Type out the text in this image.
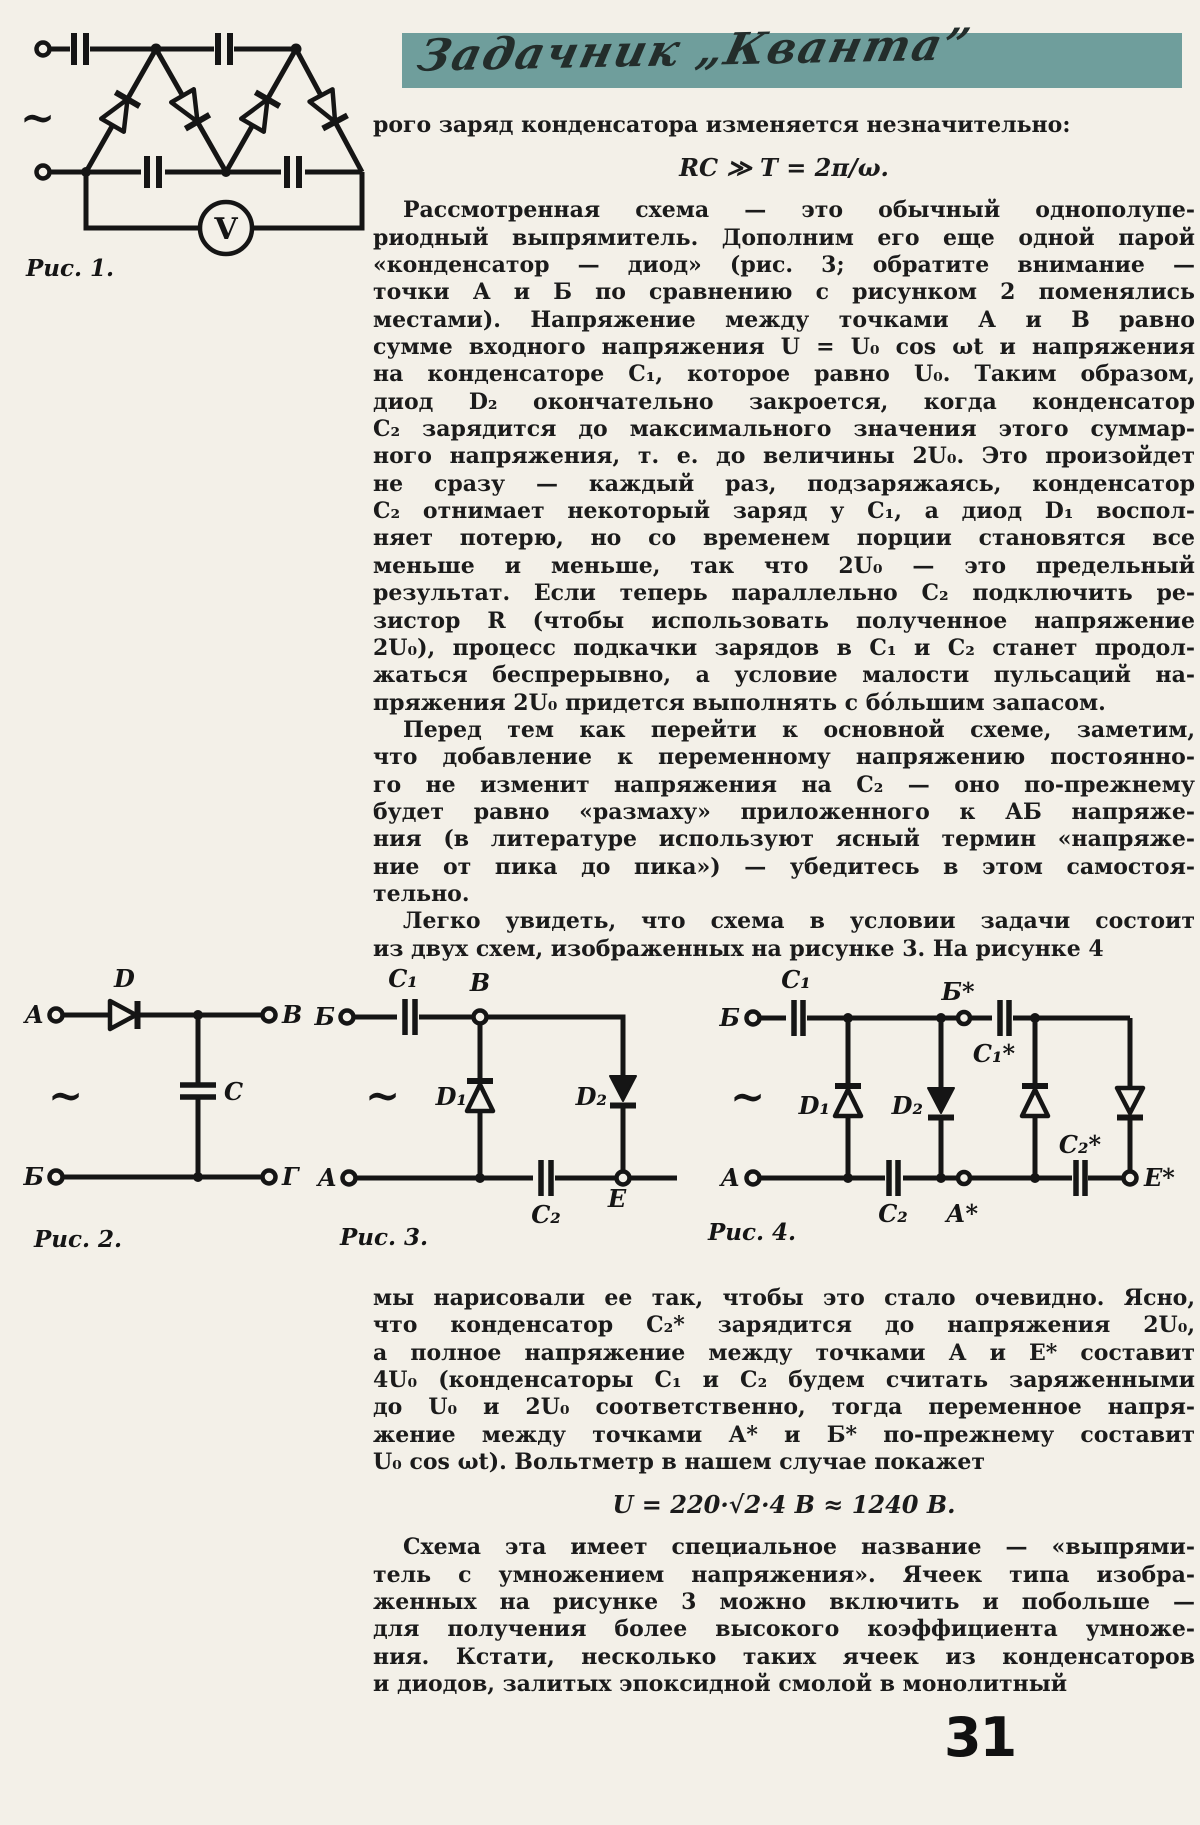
V
~
Рис. 1.
Задачник „Кванта”
рого заряд конденсатора изменяется незначительно:
RC ≫ T = 2π/ω.
Рассмотренная схема — это обычный однополупе-
риодный выпрямитель. Дополним его еще одной парой
«конденсатор — диод» (рис. 3; обратите внимание —
точки А и Б по сравнению с рисунком 2 поменялись
местами). Напряжение между точками А и В равно
сумме входного напряжения U = U₀ cos ωt и напряжения
на конденсаторе C₁, которое равно U₀. Таким образом,
диод D₂ окончательно закроется, когда конденсатор
C₂ зарядится до максимального значения этого суммар-
ного напряжения, т. е. до величины 2U₀. Это произойдет
не сразу — каждый раз, подзаряжаясь, конденсатор
C₂ отнимает некоторый заряд у C₁, а диод D₁ воспол-
няет потерю, но со временем порции становятся все
меньше и меньше, так что 2U₀ — это предельный
результат. Если теперь параллельно C₂ подключить ре-
зистор R (чтобы использовать полученное напряжение
2U₀), процесс подкачки зарядов в C₁ и C₂ станет продол-
жаться беспрерывно, а условие малости пульсаций на-
пряжения 2U₀ придется выполнять с бо́льшим запасом.
Перед тем как перейти к основной схеме, заметим,
что добавление к переменному напряжению постоянно-
го не изменит напряжения на C₂ — оно по-прежнему
будет равно «размаху» приложенного к АБ напряже-
ния (в литературе используют ясный термин «напряже-
ние от пика до пика») — убедитесь в этом самостоя-
тельно.
Легко увидеть, что схема в условии задачи состоит
из двух схем, изображенных на рисунке 3. На рисунке 4
А
D
В
C
Б	Г
~
Рис. 2.
Б
C₁ В
D₁	D₂
А
C₂
Е
~
Рис. 3.
Б
C₁	Б*
C₁*
D₁	D₂
А
C₂ А*
C₂*
Е*
~
Рис. 4.
мы нарисовали ее так, чтобы это стало очевидно. Ясно,
что конденсатор C₂* зарядится до напряжения 2U₀,
а полное напряжение между точками А и Е* составит
4U₀ (конденсаторы C₁ и C₂ будем считать заряженными
до U₀ и 2U₀ соответственно, тогда переменное напря-
жение между точками А* и Б* по-прежнему составит
U₀ cos ωt). Вольтметр в нашем случае покажет
U = 220·√2·4 В ≈ 1240 В.
Схема эта имеет специальное название — «выпрями-
тель с умножением напряжения». Ячеек типа изобра-
женных на рисунке 3 можно включить и побольше —
для получения более высокого коэффициента умноже-
ния. Кстати, несколько таких ячеек из конденсаторов
и диодов, залитых эпоксидной смолой в монолитный
31
